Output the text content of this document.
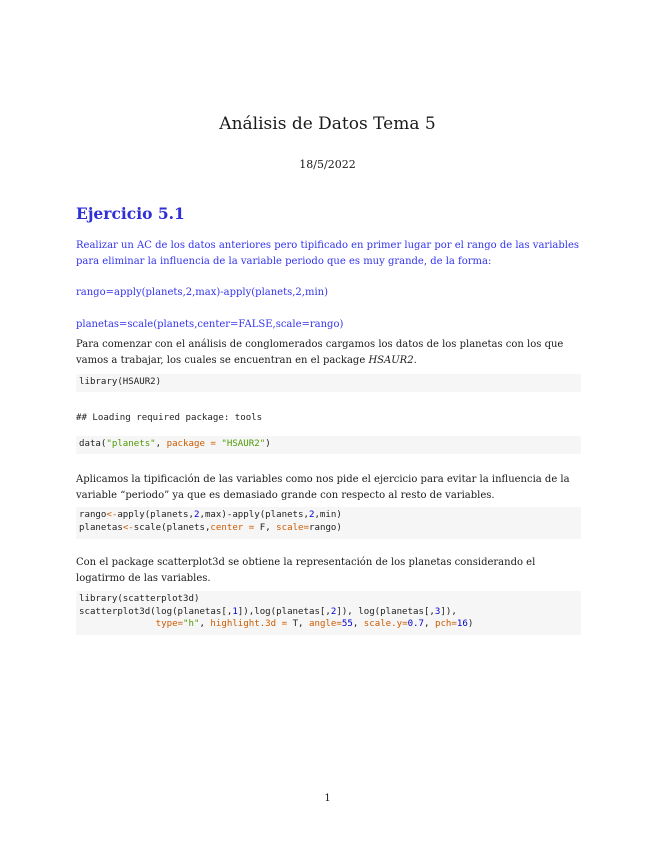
Análisis de Datos Tema 5
18/5/2022
Ejercicio 5.1
Realizar un AC de los datos anteriores pero tipificado en primer lugar por el rango de las variables para eliminar la influencia de la variable periodo que es muy grande, de la forma:
rango=apply(planets,2,max)-apply(planets,2,min)
planetas=scale(planets,center=FALSE,scale=rango)
Para comenzar con el análisis de conglomerados cargamos los datos de los planetas con los que vamos a trabajar, los cuales se encuentran en el package HSAUR2.
library(HSAUR2)
## Loading required package: tools
data("planets", package = "HSAUR2")
Aplicamos la tipificación de las variables como nos pide el ejercicio para evitar la influencia de la variable “periodo” ya que es demasiado grande con respecto al resto de variables.
rango<-apply(planets,2,max)-apply(planets,2,min)
planetas<-scale(planets,center = F, scale=rango)
Con el package scatterplot3d se obtiene la representación de los planetas considerando el logatirmo de las variables.
library(scatterplot3d)
scatterplot3d(log(planetas[,1]),log(planetas[,2]), log(planetas[,3]),
type="h", highlight.3d = T, angle=55, scale.y=0.7, pch=16)
1
